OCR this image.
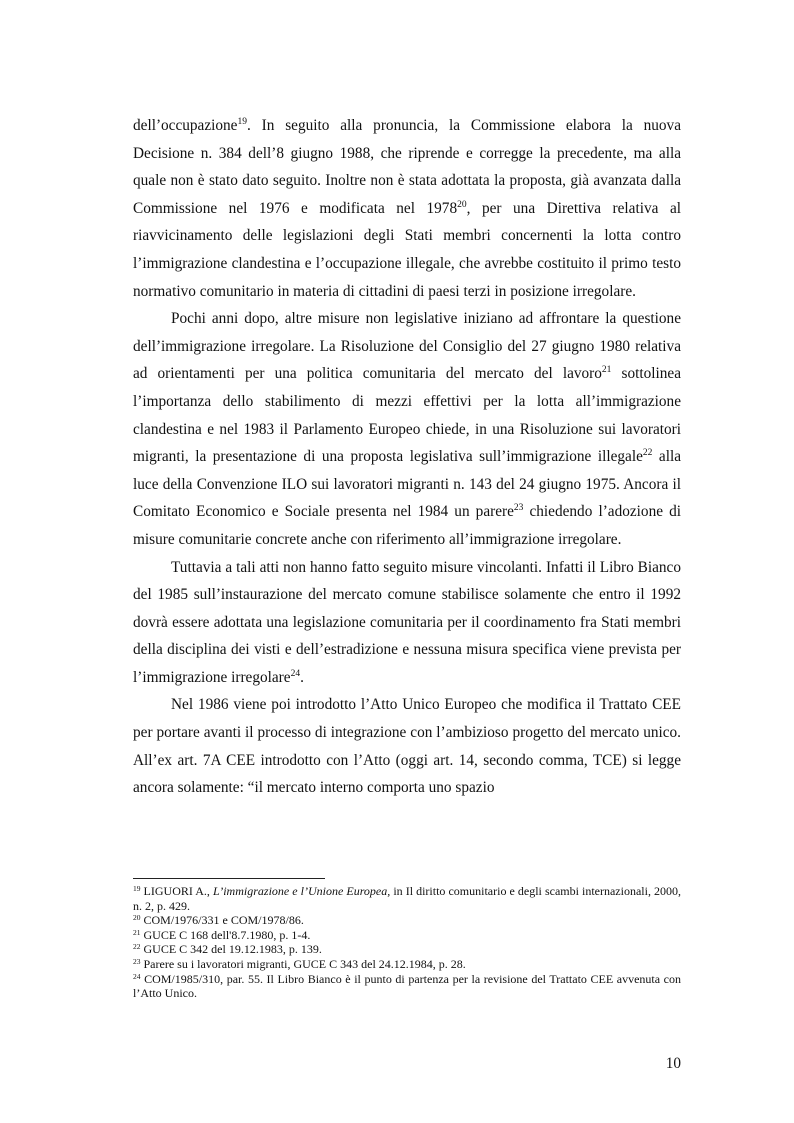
dell’occupazione$^{19}$. In seguito alla pronuncia, la Commissione elabora la nuova Decisione n. 384 dell’8 giugno 1988, che riprende e corregge la precedente, ma alla quale non è stato dato seguito. Inoltre non è stata adottata la proposta, già avanzata dalla Commissione nel 1976 e modificata nel 1978$^{20}$, per una Direttiva relativa al riavvicinamento delle legislazioni degli Stati membri concernenti la lotta contro l’immigrazione clandestina e l’occupazione illegale, che avrebbe costituito il primo testo normativo comunitario in materia di cittadini di paesi terzi in posizione irregolare.

Pochi anni dopo, altre misure non legislative iniziano ad affrontare la questione dell’immigrazione irregolare. La Risoluzione del Consiglio del 27 giugno 1980 relativa ad orientamenti per una politica comunitaria del mercato del lavoro$^{21}$ sottolinea l’importanza dello stabilimento di mezzi effettivi per la lotta all’immigrazione clandestina e nel 1983 il Parlamento Europeo chiede, in una Risoluzione sui lavoratori migranti, la presentazione di una proposta legislativa sull’immigrazione illegale$^{22}$ alla luce della Convenzione ILO sui lavoratori migranti n. 143 del 24 giugno 1975. Ancora il Comitato Economico e Sociale presenta nel 1984 un parere$^{23}$ chiedendo l’adozione di misure comunitarie concrete anche con riferimento all’immigrazione irregolare.

Tuttavia a tali atti non hanno fatto seguito misure vincolanti. Infatti il Libro Bianco del 1985 sull’instaurazione del mercato comune stabilisce solamente che entro il 1992 dovrà essere adottata una legislazione comunitaria per il coordinamento fra Stati membri della disciplina dei visti e dell’estradizione e nessuna misura specifica viene prevista per l’immigrazione irregolare$^{24}$.

Nel 1986 viene poi introdotto l’Atto Unico Europeo che modifica il Trattato CEE per portare avanti il processo di integrazione con l’ambizioso progetto del mercato unico. All’ex art. 7A CEE introdotto con l’Atto (oggi art. 14, secondo comma, TCE) si legge ancora solamente: “il mercato interno comporta uno spazio

$^{19}$ LIGUORI A., L’immigrazione e l’Unione Europea, in Il diritto comunitario e degli scambi internazionali, 2000, n. 2, p. 429.

$^{20}$ COM/1976/331 e COM/1978/86.

$^{21}$ GUCE C 168 dell'8.7.1980, p. 1-4.

$^{22}$ GUCE C 342 del 19.12.1983, p. 139.

$^{23}$ Parere su i lavoratori migranti, GUCE C 343 del 24.12.1984, p. 28.

$^{24}$ COM/1985/310, par. 55. Il Libro Bianco è il punto di partenza per la revisione del Trattato CEE avvenuta con l’Atto Unico.

10
